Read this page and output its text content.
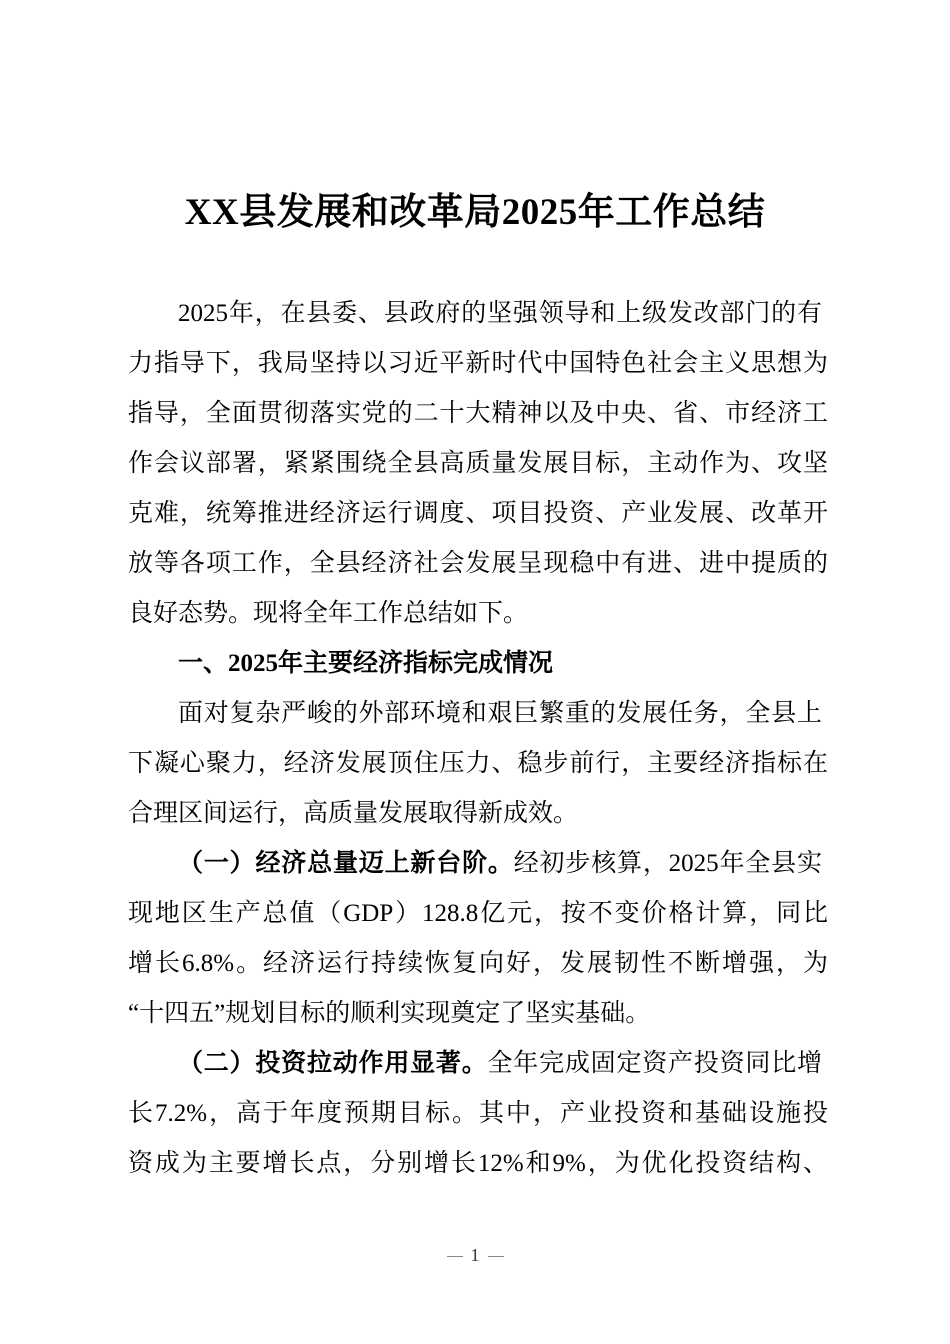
XX县发展和改革局2025年工作总结
2025年，在县委、县政府的坚强领导和上级发改部门的有
力指导下，我局坚持以习近平新时代中国特色社会主义思想为
指导，全面贯彻落实党的二十大精神以及中央、省、市经济工
作会议部署，紧紧围绕全县高质量发展目标，主动作为、攻坚
克难，统筹推进经济运行调度、项目投资、产业发展、改革开
放等各项工作，全县经济社会发展呈现稳中有进、进中提质的
良好态势。现将全年工作总结如下。
一、2025年主要经济指标完成情况
面对复杂严峻的外部环境和艰巨繁重的发展任务，全县上
下凝心聚力，经济发展顶住压力、稳步前行，主要经济指标在
合理区间运行，高质量发展取得新成效。
（一）经济总量迈上新台阶。经初步核算，2025年全县实
现地区生产总值（GDP）128.8亿元，按不变价格计算，同比
增长6.8%。经济运行持续恢复向好，发展韧性不断增强，为
“十四五”规划目标的顺利实现奠定了坚实基础。
（二）投资拉动作用显著。全年完成固定资产投资同比增
长7.2%，高于年度预期目标。其中，产业投资和基础设施投
资成为主要增长点，分别增长12%和9%，为优化投资结构、
1
